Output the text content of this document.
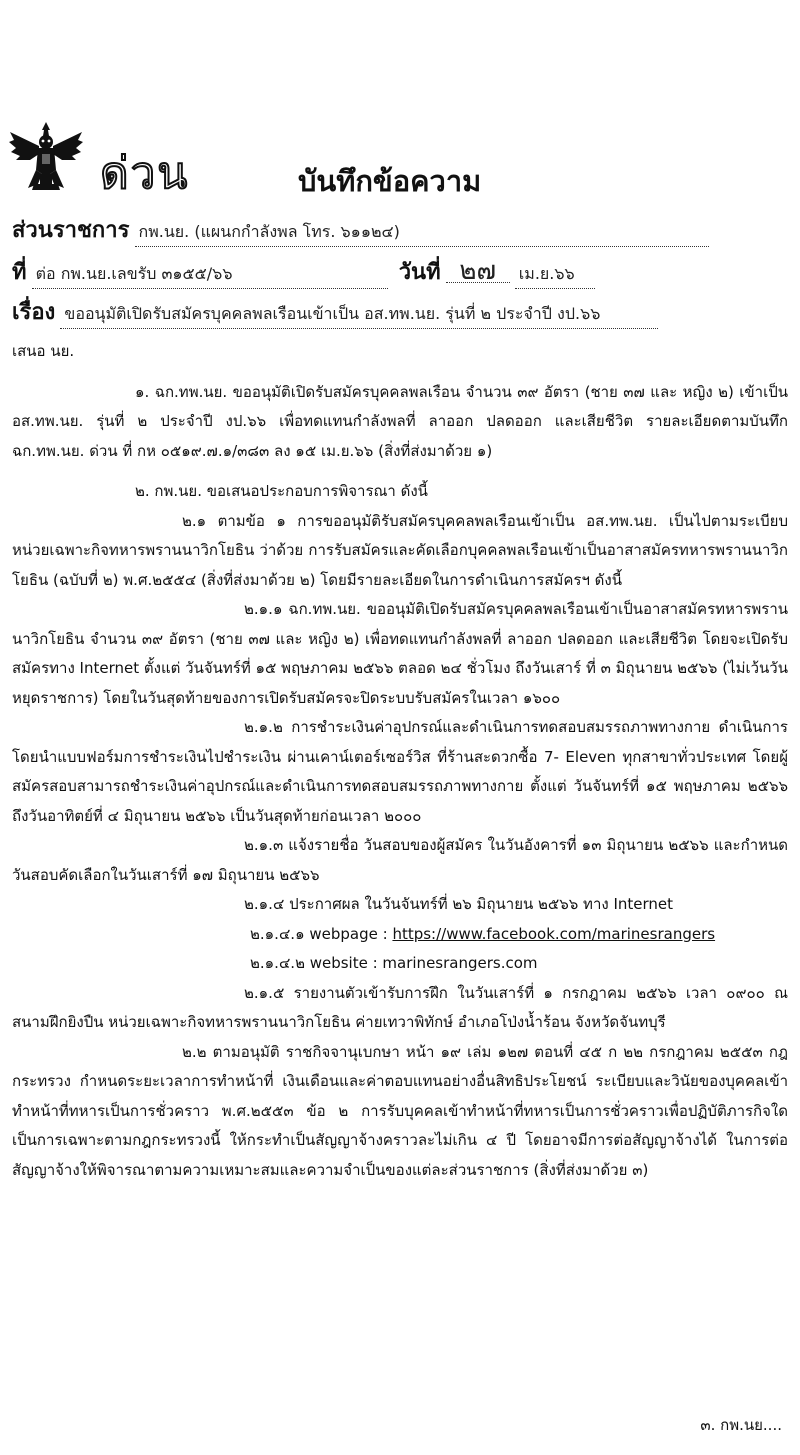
ด่วน	บันทึกข้อความ
ส่วนราชการ กพ.นย. (แผนกกำลังพล โทร. ๖๑๑๒๔)
ที่ ต่อ กพ.นย.เลขรับ ๓๑๕๕/๖๖	วันที่ ๒๗ เม.ย.๖๖
เรื่อง ขออนุมัติเปิดรับสมัครบุคคลพลเรือนเข้าเป็น อส.ทพ.นย. รุ่นที่ ๒ ประจำปี งป.๖๖

เสนอ นย.

๑. ฉก.ทพ.นย. ขออนุมัติเปิดรับสมัครบุคคลพลเรือน จำนวน ๓๙ อัตรา (ชาย ๓๗ และ หญิง ๒) เข้าเป็น อส.ทพ.นย. รุ่นที่ ๒ ประจำปี งป.๖๖ เพื่อทดแทนกำลังพลที่ ลาออก ปลดออก และเสียชีวิต รายละเอียดตามบันทึก ฉก.ทพ.นย. ด่วน ที่ กห ๐๕๑๙.๗.๑/๓๘๓ ลง ๑๕ เม.ย.๖๖ (สิ่งที่ส่งมาด้วย ๑)

๒. กพ.นย. ขอเสนอประกอบการพิจารณา ดังนี้

๒.๑ ตามข้อ ๑ การขออนุมัติรับสมัครบุคคลพลเรือนเข้าเป็น อส.ทพ.นย. เป็นไปตามระเบียบ หน่วยเฉพาะกิจทหารพรานนาวิกโยธิน ว่าด้วย การรับสมัครและคัดเลือกบุคคลพลเรือนเข้าเป็นอาสาสมัครทหารพรานนาวิกโยธิน (ฉบับที่ ๒) พ.ศ.๒๕๕๔ (สิ่งที่ส่งมาด้วย ๒) โดยมีรายละเอียดในการดำเนินการสมัครฯ ดังนี้

๒.๑.๑ ฉก.ทพ.นย. ขออนุมัติเปิดรับสมัครบุคคลพลเรือนเข้าเป็นอาสาสมัครทหารพรานนาวิกโยธิน จำนวน ๓๙ อัตรา (ชาย ๓๗ และ หญิง ๒) เพื่อทดแทนกำลังพลที่ ลาออก ปลดออก และเสียชีวิต โดยจะเปิดรับสมัครทาง Internet ตั้งแต่ วันจันทร์ที่ ๑๕ พฤษภาคม ๒๕๖๖ ตลอด ๒๔ ชั่วโมง ถึงวันเสาร์ ที่ ๓ มิถุนายน ๒๕๖๖ (ไม่เว้นวันหยุดราชการ) โดยในวันสุดท้ายของการเปิดรับสมัครจะปิดระบบรับสมัครในเวลา ๑๖๐๐

๒.๑.๒ การชำระเงินค่าอุปกรณ์และดำเนินการทดสอบสมรรถภาพทางกาย ดำเนินการโดยนำแบบฟอร์มการชำระเงินไปชำระเงิน ผ่านเคาน์เตอร์เซอร์วิส ที่ร้านสะดวกซื้อ 7- Eleven ทุกสาขาทั่วประเทศ โดยผู้สมัครสอบสามารถชำระเงินค่าอุปกรณ์และดำเนินการทดสอบสมรรถภาพทางกาย ตั้งแต่ วันจันทร์ที่ ๑๕ พฤษภาคม ๒๕๖๖ ถึงวันอาทิตย์ที่ ๔ มิถุนายน ๒๕๖๖ เป็นวันสุดท้ายก่อนเวลา ๒๐๐๐

๒.๑.๓ แจ้งรายชื่อ วันสอบของผู้สมัคร ในวันอังคารที่ ๑๓ มิถุนายน ๒๕๖๖ และกำหนดวันสอบคัดเลือกในวันเสาร์ที่ ๑๗ มิถุนายน ๒๕๖๖

๒.๑.๔ ประกาศผล ในวันจันทร์ที่ ๒๖ มิถุนายน ๒๕๖๖ ทาง Internet

๒.๑.๔.๑ webpage : https://www.facebook.com/marinesrangers

๒.๑.๔.๒ website : marinesrangers.com

๒.๑.๕ รายงานตัวเข้ารับการฝึก ในวันเสาร์ที่ ๑ กรกฎาคม ๒๕๖๖ เวลา ๐๙๐๐ ณ สนามฝึกยิงปืน หน่วยเฉพาะกิจทหารพรานนาวิกโยธิน ค่ายเทวาพิทักษ์ อำเภอโป่งน้ำร้อน จังหวัดจันทบุรี

๒.๒ ตามอนุมัติ ราชกิจจานุเบกษา หน้า ๑๙ เล่ม ๑๒๗ ตอนที่ ๔๕ ก ๒๒ กรกฎาคม ๒๕๕๓ กฎกระทรวง กำหนดระยะเวลาการทำหน้าที่ เงินเดือนและค่าตอบแทนอย่างอื่นสิทธิประโยชน์ ระเบียบและวินัยของบุคคลเข้าทำหน้าที่ทหารเป็นการชั่วคราว พ.ศ.๒๕๕๓ ข้อ ๒ การรับบุคคลเข้าทำหน้าที่ทหารเป็นการชั่วคราวเพื่อปฏิบัติภารกิจใดเป็นการเฉพาะตามกฎกระทรวงนี้ ให้กระทำเป็นสัญญาจ้างคราวละไม่เกิน ๔ ปี โดยอาจมีการต่อสัญญาจ้างได้ ในการต่อสัญญาจ้างให้พิจารณาตามความเหมาะสมและความจำเป็นของแต่ละส่วนราชการ (สิ่งที่ส่งมาด้วย ๓)

๓. กพ.นย....
